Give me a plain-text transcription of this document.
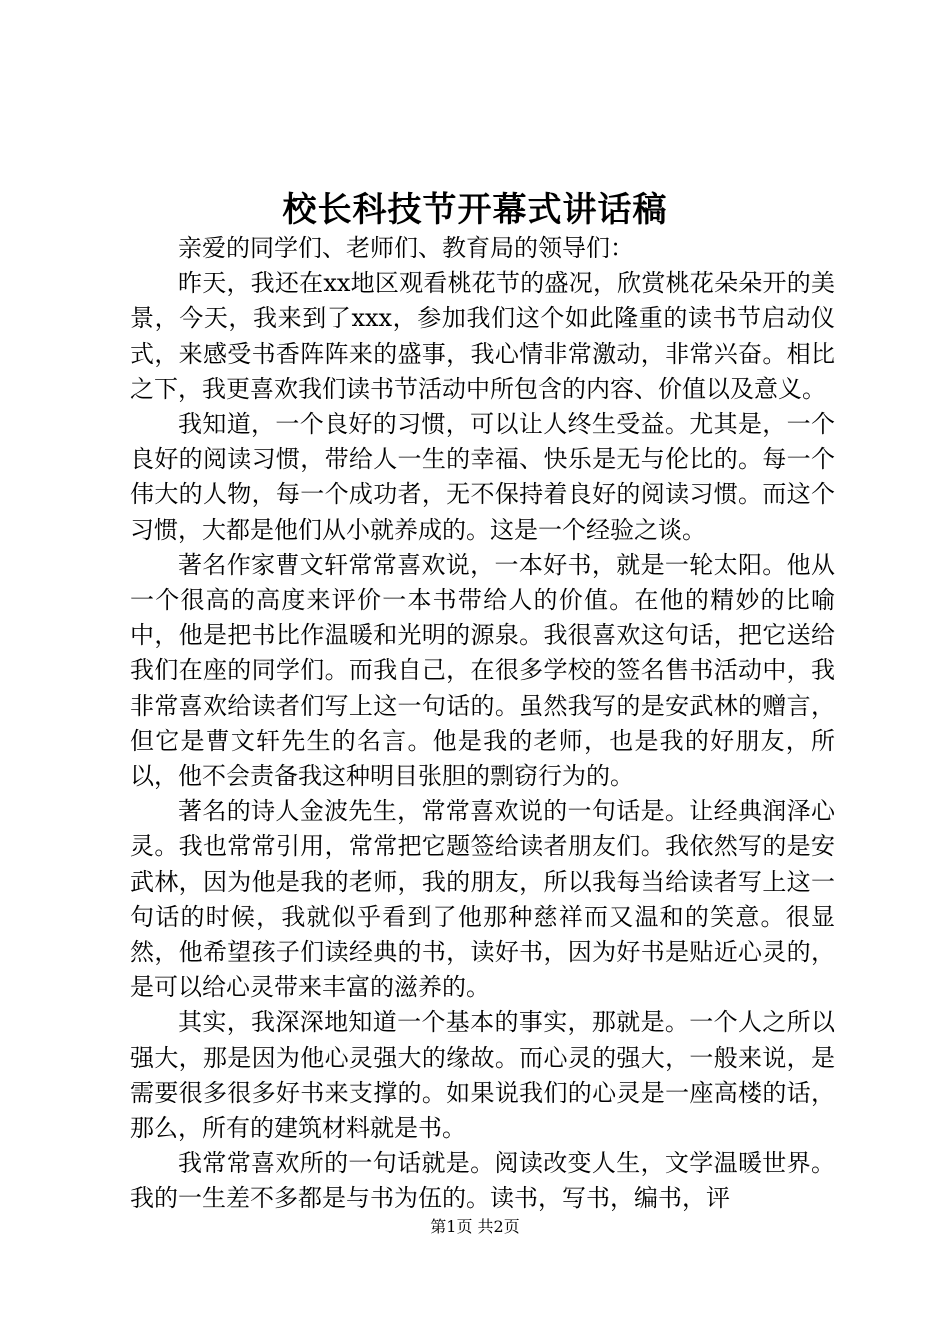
校长科技节开幕式讲话稿

亲爱的同学们、老师们、教育局的领导们：

昨天，我还在xx地区观看桃花节的盛况，欣赏桃花朵朵开的美景，今天，我来到了xxx，参加我们这个如此隆重的读书节启动仪式，来感受书香阵阵来的盛事，我心情非常激动，非常兴奋。相比之下，我更喜欢我们读书节活动中所包含的内容、价值以及意义。

我知道，一个良好的习惯，可以让人终生受益。尤其是，一个良好的阅读习惯，带给人一生的幸福、快乐是无与伦比的。每一个伟大的人物，每一个成功者，无不保持着良好的阅读习惯。而这个习惯，大都是他们从小就养成的。这是一个经验之谈。

著名作家曹文轩常常喜欢说，一本好书，就是一轮太阳。他从一个很高的高度来评价一本书带给人的价值。在他的精妙的比喻中，他是把书比作温暖和光明的源泉。我很喜欢这句话，把它送给我们在座的同学们。而我自己，在很多学校的签名售书活动中，我非常喜欢给读者们写上这一句话的。虽然我写的是安武林的赠言，但它是曹文轩先生的名言。他是我的老师，也是我的好朋友，所以，他不会责备我这种明目张胆的剽窃行为的。

著名的诗人金波先生，常常喜欢说的一句话是。让经典润泽心灵。我也常常引用，常常把它题签给读者朋友们。我依然写的是安武林，因为他是我的老师，我的朋友，所以我每当给读者写上这一句话的时候，我就似乎看到了他那种慈祥而又温和的笑意。很显然，他希望孩子们读经典的书，读好书，因为好书是贴近心灵的，是可以给心灵带来丰富的滋养的。

其实，我深深地知道一个基本的事实，那就是。一个人之所以强大，那是因为他心灵强大的缘故。而心灵的强大，一般来说，是需要很多很多好书来支撑的。如果说我们的心灵是一座高楼的话，那么，所有的建筑材料就是书。

我常常喜欢所的一句话就是。阅读改变人生，文学温暖世界。我的一生差不多都是与书为伍的。读书，写书，编书，评

第1页 共2页
